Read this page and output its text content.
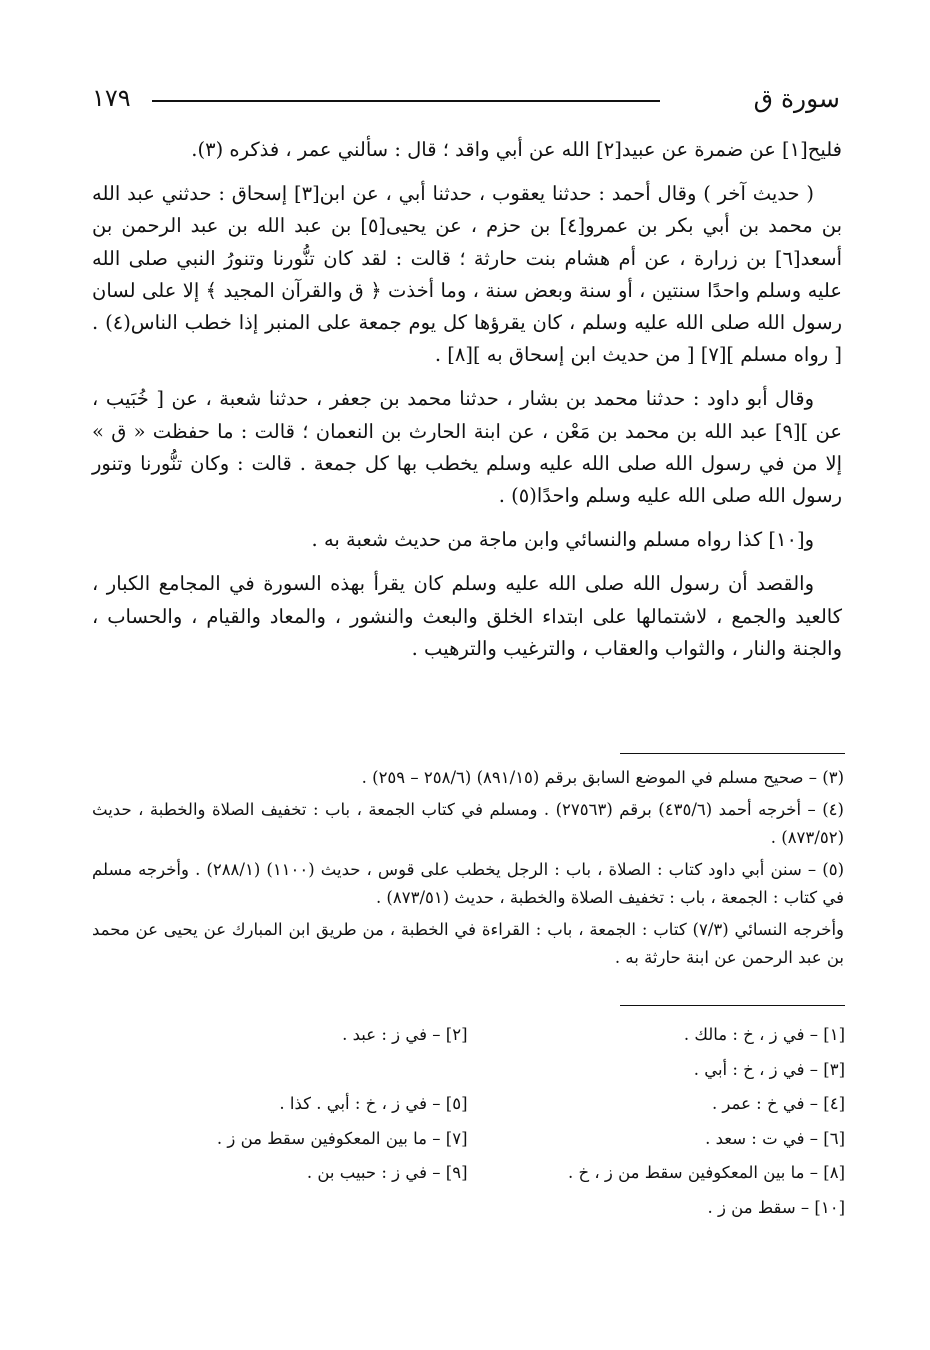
سورة ق
١٧٩

فليح[١] عن ضمرة عن عبيد[٢] الله عن أبي واقد ؛ قال : سألني عمر ، فذكره (٣).

( حديث آخر ) وقال أحمد : حدثنا يعقوب ، حدثنا أبي ، عن ابن[٣] إسحاق : حدثني عبد الله بن محمد بن أبي بكر بن عمرو[٤] بن حزم ، عن يحيى[٥] بن عبد الله بن عبد الرحمن بن أسعد[٦] بن زرارة ، عن أم هشام بنت حارثة ؛ قالت : لقد كان تنُّورنا وتنورُ النبي صلى الله عليه وسلم واحدًا سنتين ، أو سنة وبعض سنة ، وما أخذت ﴿ ق والقرآن المجيد ﴾ إلا على لسان رسول الله صلى الله عليه وسلم ، كان يقرؤها كل يوم جمعة على المنبر إذا خطب الناس(٤) . [ رواه مسلم ][٧] [ من حديث ابن إسحاق به ][٨] .

وقال أبو داود : حدثنا محمد بن بشار ، حدثنا محمد بن جعفر ، حدثنا شعبة ، عن [ خُبَيب ، عن ][٩] عبد الله بن محمد بن مَعْن ، عن ابنة الحارث بن النعمان ؛ قالت : ما حفظت « ق » إلا من في رسول الله صلى الله عليه وسلم يخطب بها كل جمعة . قالت : وكان تنُّورنا وتنور رسول الله صلى الله عليه وسلم واحدًا(٥) .

و[١٠] كذا رواه مسلم والنسائي وابن ماجة من حديث شعبة به .

والقصد أن رسول الله صلى الله عليه وسلم كان يقرأ بهذه السورة في المجامع الكبار ، كالعيد والجمع ، لاشتمالها على ابتداء الخلق والبعث والنشور ، والمعاد والقيام ، والحساب ، والجنة والنار ، والثواب والعقاب ، والترغيب والترهيب .

(٣) – صحيح مسلم في الموضع السابق برقم (٨٩١/١٥) (٢٥٨/٦ – ٢٥٩) .

(٤) – أخرجه أحمد (٤٣٥/٦) برقم (٢٧٥٦٣) . ومسلم في كتاب الجمعة ، باب : تخفيف الصلاة والخطبة ، حديث (٨٧٣/٥٢) .

(٥) – سنن أبي داود كتاب : الصلاة ، باب : الرجل يخطب على قوس ، حديث (١١٠٠) (٢٨٨/١) . وأخرجه مسلم في كتاب : الجمعة ، باب : تخفيف الصلاة والخطبة ، حديث (٨٧٣/٥١) .

وأخرجه النسائي (٧/٣) كتاب : الجمعة ، باب : القراءة في الخطبة ، من طريق ابن المبارك عن يحيى عن محمد بن عبد الرحمن عن ابنة حارثة به .

[١] – في ز ، خ : مالك .
[٢] – في ز : عبد .
[٣] – في ز ، خ : أبي .
[٤] – في خ : عمر .
[٥] – في ز ، خ : أبي . كذا .
[٦] – في ت : سعد .
[٧] – ما بين المعكوفين سقط من ز .
[٨] – ما بين المعكوفين سقط من ز ، خ .
[٩] – في ز : حبيب بن .
[١٠] – سقط من ز .
